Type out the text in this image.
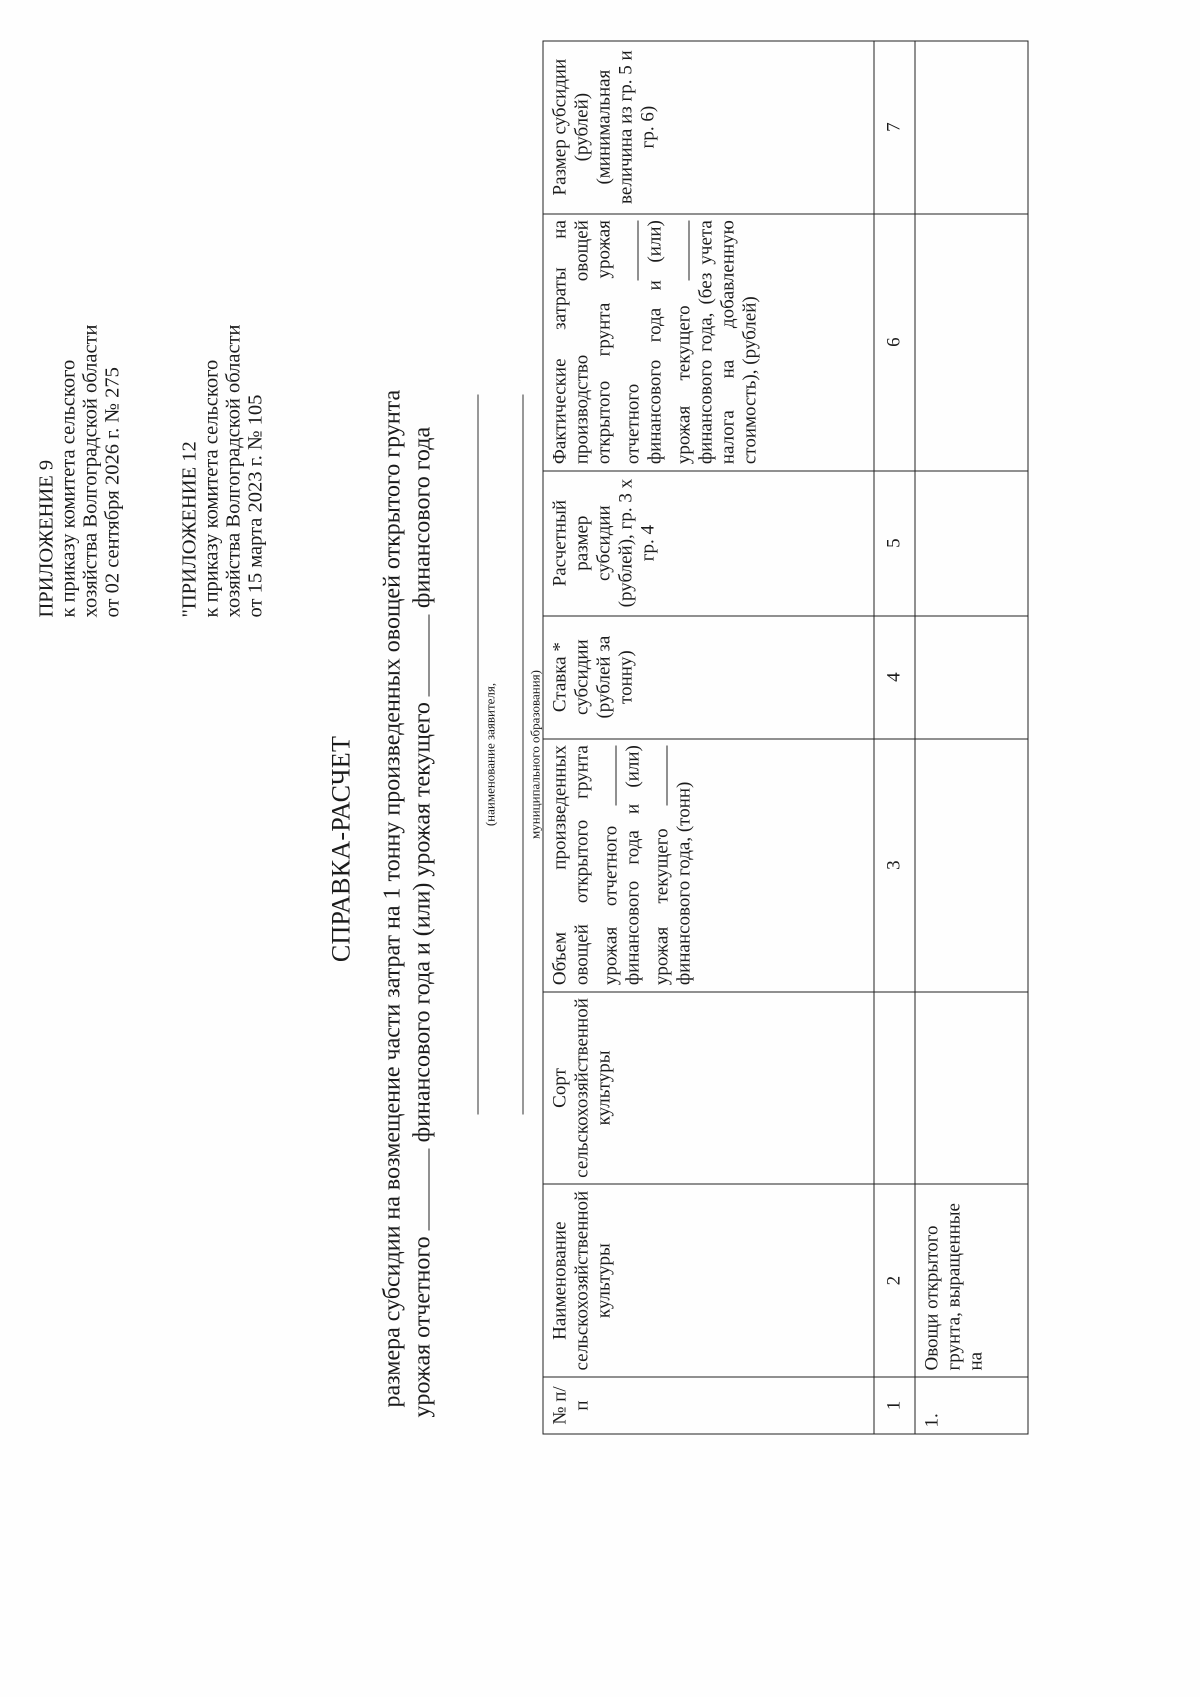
ПРИЛОЖЕНИЕ 9 к приказу комитета сельского хозяйства Волгоградской области от 02 сентября 2026 г. № 275	"ПРИЛОЖЕНИЕ 12 к приказу комитета сельского хозяйства Волгоградской области от 15 марта 2023 г. № 105
СПРАВКА-РАСЧЕТ размера субсидии на возмещение части затрат на 1 тонну произведенных овощей открытого грунта урожая отчетного  финансового года и (или) урожая текущего  финансового года
(наименование заявителя, муниципального образования)
№ п/п	Наименование сельскохозяйственной культуры	Сорт сельскохозяйственной культуры	Объем произведенных овощей открытого грунта урожая отчетного  финансового года и (или) урожая текущего  финансового года, (тонн)	Ставка * субсидии (рублей за тонну)	Расчетный размер субсидии (рублей), гр. 3 х гр. 4	Фактические затраты на производство овощей открытого грунта урожая отчетного  финансового года и (или) урожая текущего  финансового года, (без учета налога на добавленную стоимость), (рублей)	Размер субсидии (рублей) (минимальная величина из гр. 5 и гр. 6)
1	2		3	4	5	6	7
1.	Овощи открытого грунта, выращенные на						
